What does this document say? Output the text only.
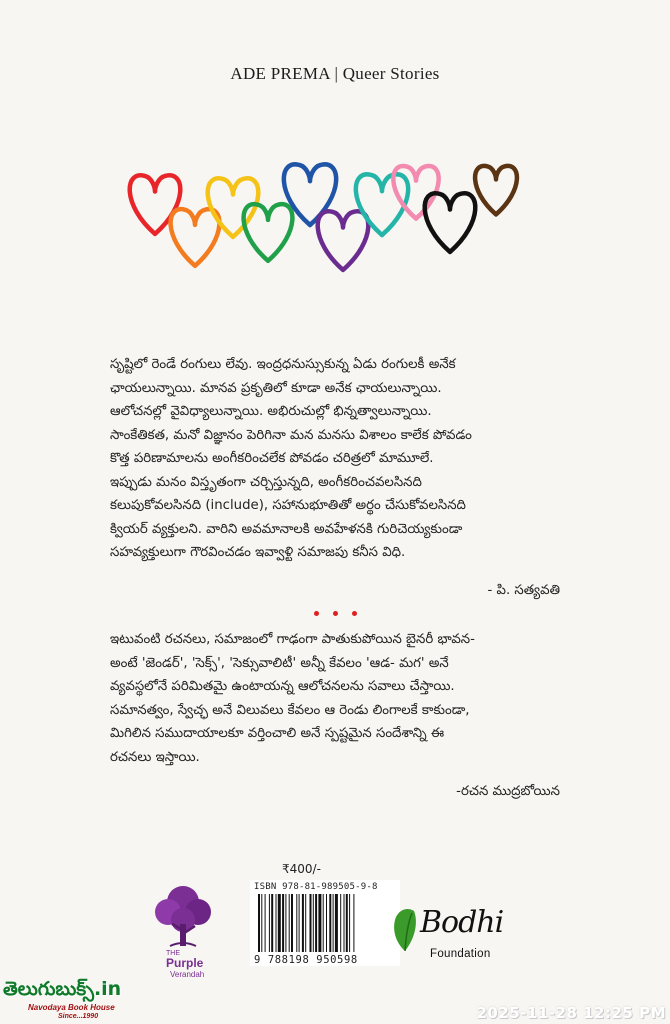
ADE PREMA | Queer Stories
సృష్టిలో రెండే రంగులు లేవు. ఇంద్రధనుస్సుకున్న ఏడు రంగులకీ అనేక
ఛాయలున్నాయి. మానవ ప్రకృతిలో కూడా అనేక ఛాయలున్నాయి.
ఆలోచనల్లో వైవిధ్యాలున్నాయి. అభిరుచుల్లో భిన్నత్వాలున్నాయి.
సాంకేతికత, మనో విజ్ఞానం పెరిగినా మన మనసు విశాలం కాలేక పోవడం
కొత్త పరిణామాలను అంగీకరించలేక పోవడం చరిత్రలో మామూలే.
ఇప్పుడు మనం విస్తృతంగా చర్చిస్తున్నది, అంగీకరించవలసినది
కలుపుకోవలసినది (include), సహానుభూతితో అర్థం చేసుకోవలసినది
క్వియర్ వ్యక్తులని. వారిని అవమానాలకి అవహేళనకి గురిచెయ్యకుండా
సహవ్యక్తులుగా గౌరవించడం ఇవ్వాళ్టి సమాజపు కనీస విధి.
- పి. సత్యవతి
ఇటువంటి రచనలు, సమాజంలో గాఢంగా పాతుకుపోయిన బైనరీ భావన-
అంటే 'జెండర్', 'సెక్స్', 'సెక్సువాలిటీ' అన్నీ కేవలం 'ఆడ- మగ' అనే
వ్యవస్థలోనే పరిమితమై ఉంటాయన్న ఆలోచనలను సవాలు చేస్తాయి.
సమానత్వం, స్వేచ్ఛ అనే విలువలు కేవలం ఆ రెండు లింగాలకే కాకుండా,
మిగిలిన సముదాయాలకూ వర్తించాలి అనే స్పష్టమైన సందేశాన్ని ఈ
రచనలు ఇస్తాయి.
-రచన ముద్రబోయిన
THE
Purple
Verandah
₹400/-
ISBN 978-81-989505-9-8
9 788198 950598
Bodhi
Foundation
తెలుగుబుక్స్.in
Navodaya Book House
Since...1990	2025-11-28 12:25 PM
